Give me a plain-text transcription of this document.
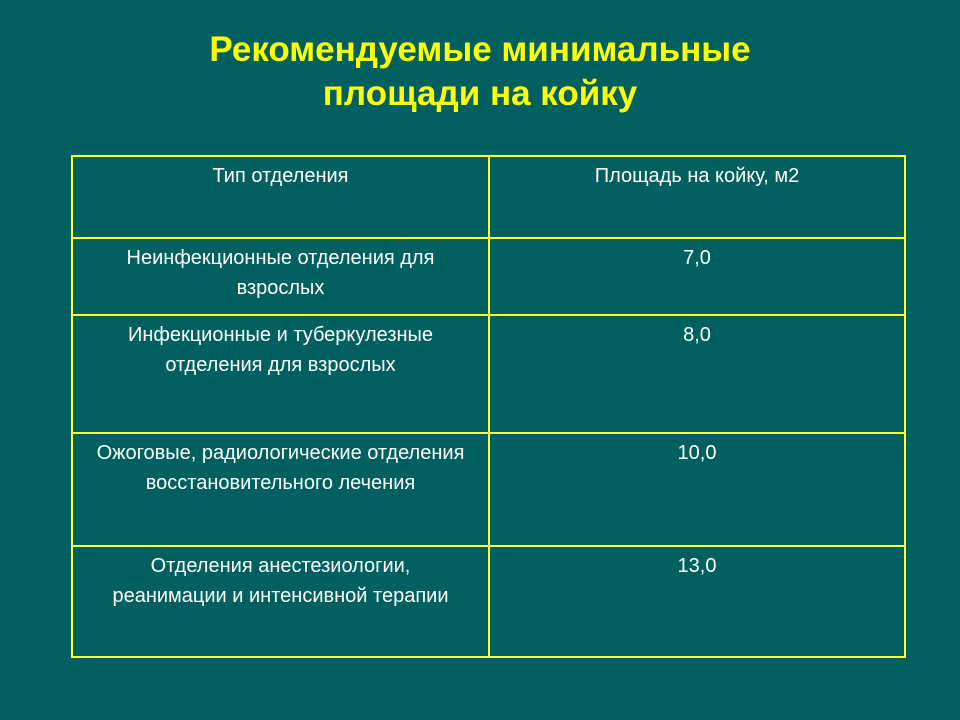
Рекомендуемые минимальные
площади на койку
Тип отделения	Площадь на койку, м2

Неинфекционные отделения для взрослых	7,0

Инфекционные и туберкулезные отделения для взрослых	8,0

Ожоговые, радиологические отделения восстановительного лечения	10,0

Отделения анестезиологии, реанимации и интенсивной терапии	13,0
